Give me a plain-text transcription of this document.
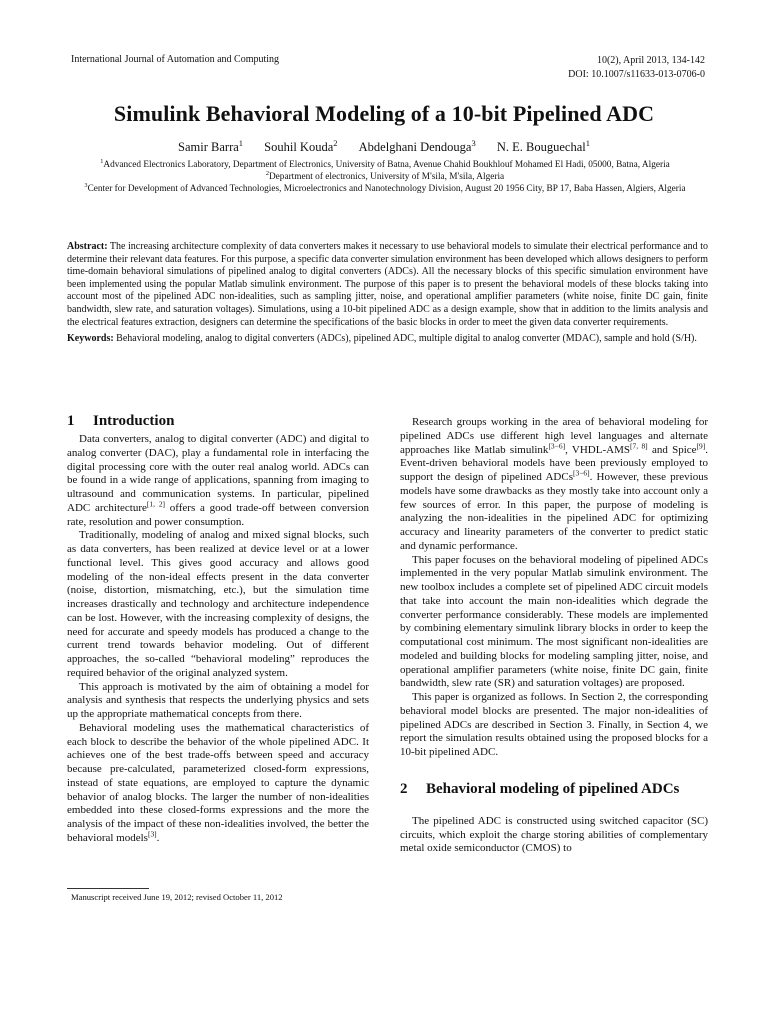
International Journal of Automation and Computing	10(2), April 2013, 134-142
DOI: 10.1007/s11633-013-0706-0
Simulink Behavioral Modeling of a 10-bit Pipelined ADC
Samir Barra$^1$ Souhil Kouda$^2$ Abdelghani Dendouga$^3$ N. E. Bouguechal$^1$
$^1$Advanced Electronics Laboratory, Department of Electronics, University of Batna, Avenue Chahid Boukhlouf Mohamed El Hadi, 05000, Batna, Algeria
$^2$Department of electronics, University of M'sila, M'sila, Algeria
$^3$Center for Development of Advanced Technologies, Microelectronics and Nanotechnology Division, August 20 1956 City, BP 17, Baba Hassen, Algiers, Algeria
Abstract: The increasing architecture complexity of data converters makes it necessary to use behavioral models to simulate their electrical performance and to determine their relevant data features. For this purpose, a specific data converter simulation environment has been developed which allows designers to perform time-domain behavioral simulations of pipelined analog to digital converters (ADCs). All the necessary blocks of this specific simulation environment have been implemented using the popular Matlab simulink environment. The purpose of this paper is to present the behavioral models of these blocks taking into account most of the pipelined ADC non-idealities, such as sampling jitter, noise, and operational amplifier parameters (white noise, finite DC gain, finite bandwidth, slew rate, and saturation voltages). Simulations, using a 10-bit pipelined ADC as a design example, show that in addition to the limits analysis and the electrical features extraction, designers can determine the specifications of the basic blocks in order to meet the given data converter requirements.
Keywords: Behavioral modeling, analog to digital converters (ADCs), pipelined ADC, multiple digital to analog converter (MDAC), sample and hold (S/H).
1 Introduction

Data converters, analog to digital converter (ADC) and digital to analog converter (DAC), play a fundamental role in interfacing the digital processing core with the outer real analog world. ADCs can be found in a wide range of applications, spanning from imaging to ultrasound and communication systems. In particular, pipelined ADC architecture[1, 2] offers a good trade-off between conversion rate, resolution and power consumption.

Traditionally, modeling of analog and mixed signal blocks, such as data converters, has been realized at device level or at a lower functional level. This gives good accuracy and allows good modeling of the non-ideal effects present in the data converter (noise, distortion, mismatching, etc.), but the simulation time increases drastically and technology and architecture independence can be lost. However, with the increasing complexity of designs, the need for accurate and speedy models has produced a change to the current trend towards behavior modeling. Out of different approaches, the so-called “behavioral modeling” reproduces the required behavior of the original analyzed system.

This approach is motivated by the aim of obtaining a model for analysis and synthesis that respects the underlying physics and sets up the appropriate mathematical concepts from there.

Behavioral modeling uses the mathematical characteristics of each block to describe the behavior of the whole pipelined ADC. It achieves one of the best trade-offs between speed and accuracy because pre-calculated, parameterized closed-form expressions, instead of state equations, are employed to capture the dynamic behavior of analog blocks. The larger the number of non-idealities embedded into these closed-forms expressions and the more the analysis of the impact of these non-idealities involved, the better the behavioral models[3].

Research groups working in the area of behavioral modeling for pipelined ADCs use different high level languages and alternate approaches like Matlab simulink[3−6], VHDL-AMS[7, 8] and Spice[9]. Event-driven behavioral models have been previously employed to support the design of pipelined ADCs[3−6]. However, these previous models have some drawbacks as they mostly take into account only a few sources of error. In this paper, the purpose of modeling is analyzing the non-idealities in the pipelined ADC for optimizing accuracy and linearity parameters of the converter to predict static and dynamic performance.

This paper focuses on the behavioral modeling of pipelined ADCs implemented in the very popular Matlab simulink environment. The new toolbox includes a complete set of pipelined ADC circuit models that take into account the main non-idealities which degrade the converter performance considerably. These models are implemented by combining elementary simulink library blocks in order to keep the computational cost minimum. The most significant non-idealities are modeled and building blocks for modeling sampling jitter, noise, and operational amplifier parameters (white noise, finite DC gain, finite bandwidth, slew rate (SR) and saturation voltages) are proposed.

This paper is organized as follows. In Section 2, the corresponding behavioral model blocks are presented. The major non-idealities of pipelined ADCs are described in Section 3. Finally, in Section 4, we report the simulation results obtained using the proposed blocks for a 10-bit pipelined ADC.

2	Behavioral modeling of pipelined ADCs

The pipelined ADC is constructed using switched capacitor (SC) circuits, which exploit the charge storing abilities of complementary metal oxide semiconductor (CMOS) to

Manuscript received June 19, 2012; revised October 11, 2012
